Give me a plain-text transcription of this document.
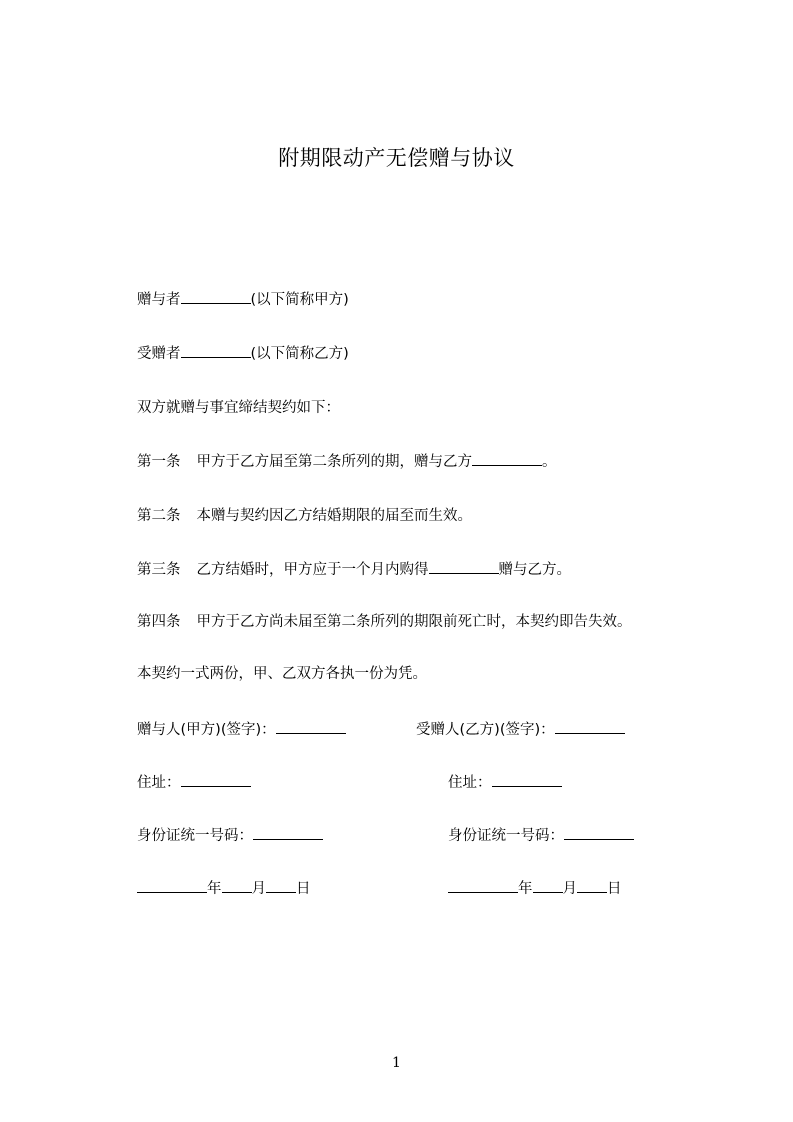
附期限动产无偿赠与协议
赠与者	(以下简称甲方)
受赠者	(以下简称乙方)
双方就赠与事宜缔结契约如下：
第一条 甲方于乙方届至第二条所列的期，赠与乙方	。
第二条 本赠与契约因乙方结婚期限的届至而生效。
第三条 乙方结婚时，甲方应于一个月内购得	赠与乙方。
第四条 甲方于乙方尚未届至第二条所列的期限前死亡时，本契约即告失效。
本契约一式两份，甲、乙双方各执一份为凭。
赠与人(甲方)(签字)：	受赠人(乙方)(签字)：
住址：	住址：
身份证统一号码：	身份证统一号码：
年 月 日	年 月 日
1
